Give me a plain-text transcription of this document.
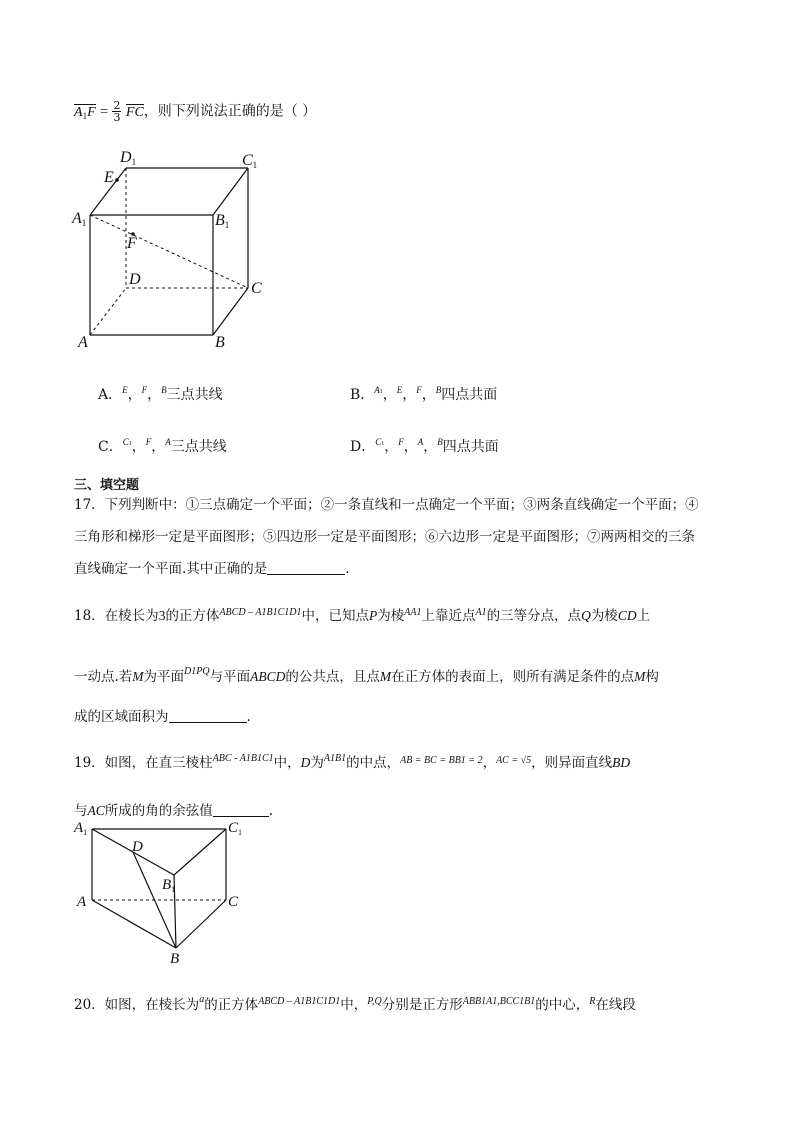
$A_1F = \frac{2}{3}$ FC，则下列说法正确的是（ ）
D1	C1
E
A1	B1
F
D
C
A	B
A．$^E$，$^F$，$^B$三点共线	B．$^{A1}$，$^E$，$^F$，$^B$四点共面
C．$^{C1}$，$^F$，$^A$三点共线	D．$^{C1}$，$^F$，$^A$，$^B$四点共面
三、填空题
17．下列判断中：①三点确定一个平面；②一条直线和一点确定一个平面；③两条直线确定一个平面；④
三角形和梯形一定是平面图形；⑤四边形一定是平面图形；⑥六边形一定是平面图形；⑦两两相交的三条
直线确定一个平面.其中正确的是	.
18．在棱长为3的正方体$^{ABCD - A1B1C1D1}$中，已知点P为棱$^{AA1}$上靠近点$^{A1}$的三等分点，点Q为棱CD上
一动点.若M为平面$^{D1PQ}$与平面ABCD的公共点，且点M在正方体的表面上，则所有满足条件的点M构
成的区域面积为	.
19．如图，在直三棱柱$^{ABC - A1B1C1}$中，D为$^{A1B1}$的中点，$^{AB = BC = BB1 = 2}$，$^{AC = √5}$，则异面直线BD
与AC所成的角的余弦值	.
$A_1$	$C_1$
D
$B_1$
A	C
B
20．如图，在棱长为$^a$的正方体$^{ABCD - A1B1C1D1}$中，$^{P,Q}$分别是正方形$^{ABB1A1,BCC1B1}$的中心，$^R$在线段
